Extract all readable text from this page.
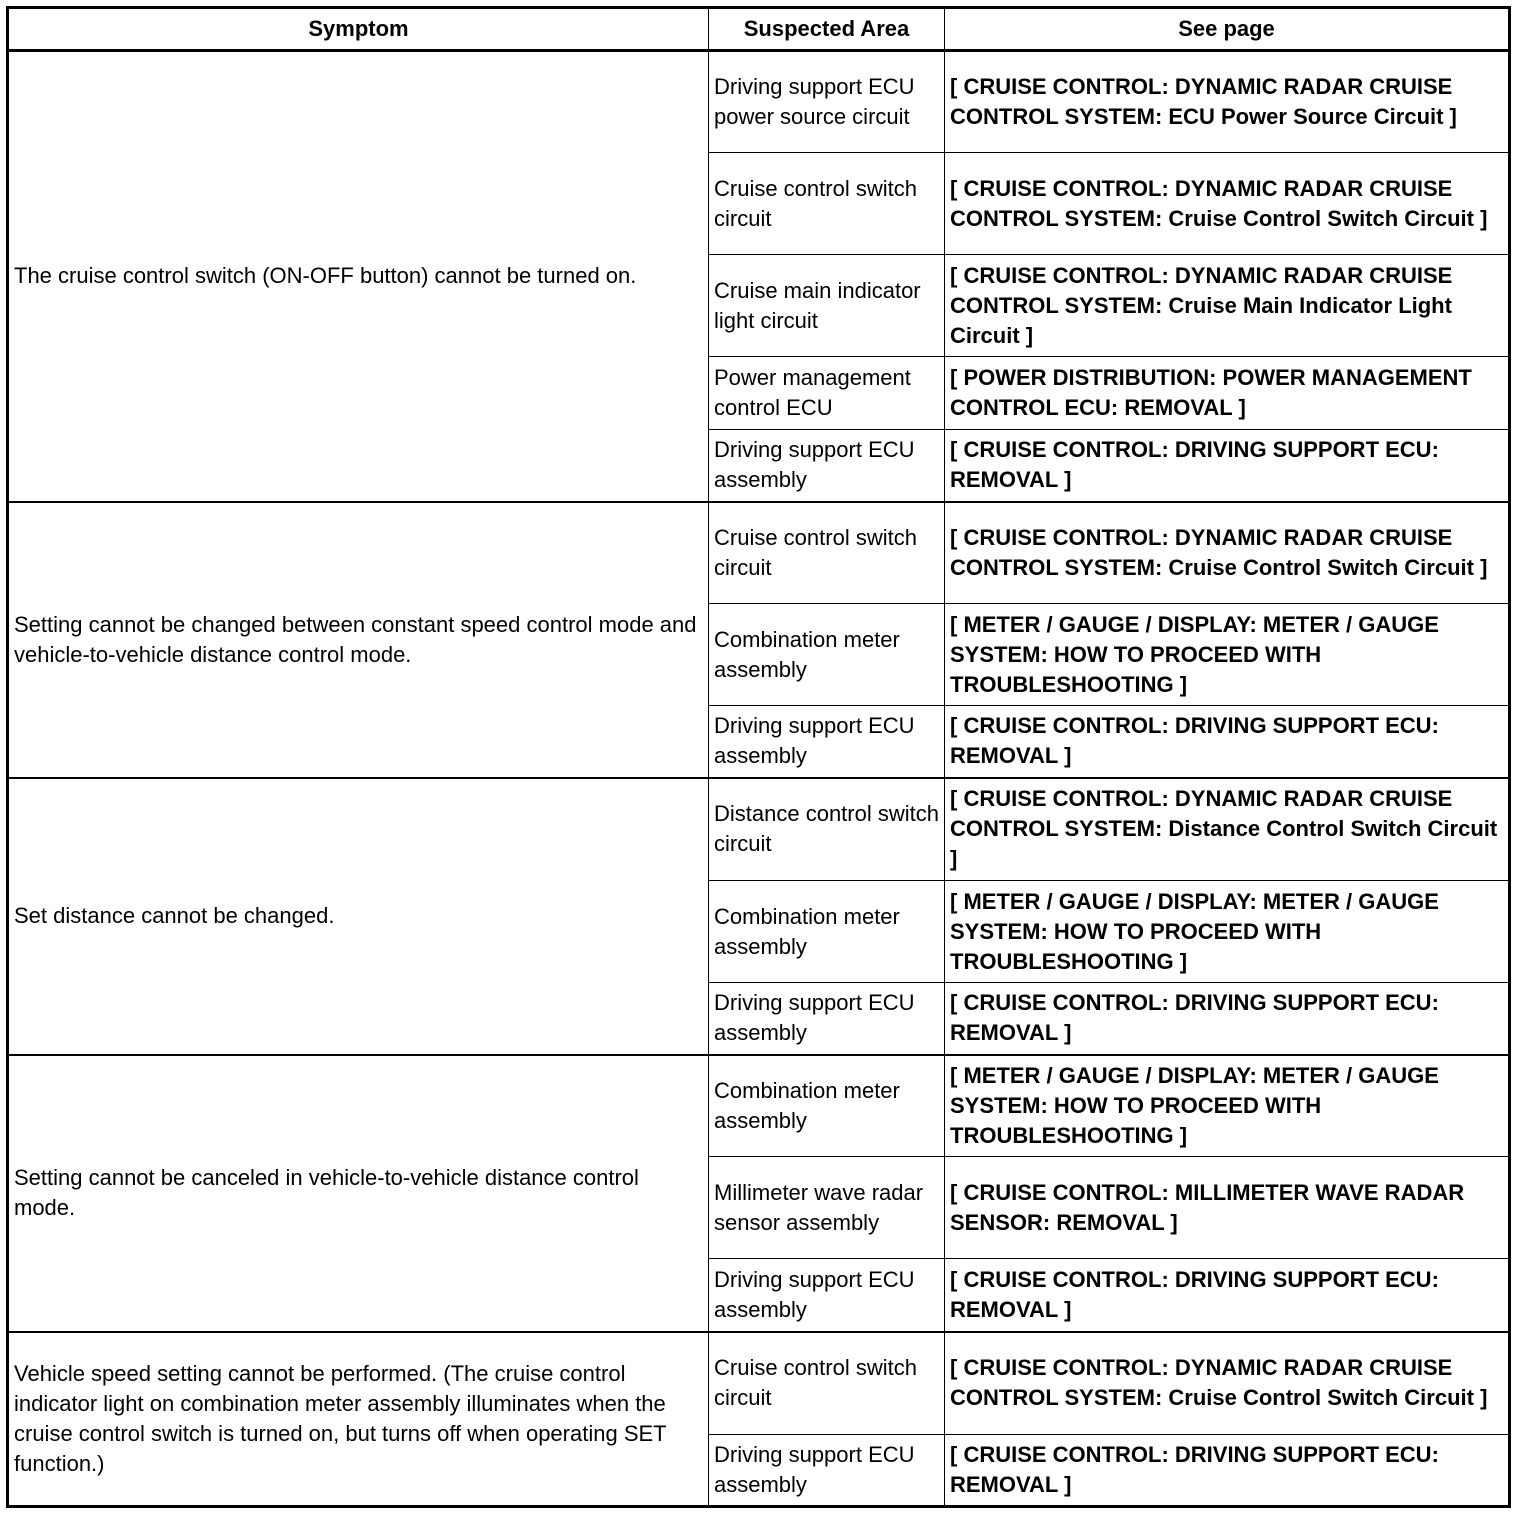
Symptom	Suspected Area	See page
The cruise control switch (ON-OFF button) cannot be turned on.	Driving support ECU power source circuit	[ CRUISE CONTROL: DYNAMIC RADAR CRUISE CONTROL SYSTEM: ECU Power Source Circuit ]
	Cruise control switch circuit	[ CRUISE CONTROL: DYNAMIC RADAR CRUISE CONTROL SYSTEM: Cruise Control Switch Circuit ]
	Cruise main indicator light circuit	[ CRUISE CONTROL: DYNAMIC RADAR CRUISE CONTROL SYSTEM: Cruise Main Indicator Light Circuit ]
	Power management control ECU	[ POWER DISTRIBUTION: POWER MANAGEMENT CONTROL ECU: REMOVAL ]
	Driving support ECU assembly	[ CRUISE CONTROL: DRIVING SUPPORT ECU: REMOVAL ]
Setting cannot be changed between constant speed control mode and vehicle-to-vehicle distance control mode.	Cruise control switch circuit	[ CRUISE CONTROL: DYNAMIC RADAR CRUISE CONTROL SYSTEM: Cruise Control Switch Circuit ]
	Combination meter assembly	[ METER / GAUGE / DISPLAY: METER / GAUGE SYSTEM: HOW TO PROCEED WITH TROUBLESHOOTING ]
	Driving support ECU assembly	[ CRUISE CONTROL: DRIVING SUPPORT ECU: REMOVAL ]
Set distance cannot be changed.	Distance control switch circuit	[ CRUISE CONTROL: DYNAMIC RADAR CRUISE CONTROL SYSTEM: Distance Control Switch Circuit ]
	Combination meter assembly	[ METER / GAUGE / DISPLAY: METER / GAUGE SYSTEM: HOW TO PROCEED WITH TROUBLESHOOTING ]
	Driving support ECU assembly	[ CRUISE CONTROL: DRIVING SUPPORT ECU: REMOVAL ]
Setting cannot be canceled in vehicle-to-vehicle distance control mode.	Combination meter assembly	[ METER / GAUGE / DISPLAY: METER / GAUGE SYSTEM: HOW TO PROCEED WITH TROUBLESHOOTING ]
	Millimeter wave radar sensor assembly	[ CRUISE CONTROL: MILLIMETER WAVE RADAR SENSOR: REMOVAL ]
	Driving support ECU assembly	[ CRUISE CONTROL: DRIVING SUPPORT ECU: REMOVAL ]
Vehicle speed setting cannot be performed. (The cruise control indicator light on combination meter assembly illuminates when the cruise control switch is turned on, but turns off when operating SET function.)	Cruise control switch circuit	[ CRUISE CONTROL: DYNAMIC RADAR CRUISE CONTROL SYSTEM: Cruise Control Switch Circuit ]
	Driving support ECU assembly	[ CRUISE CONTROL: DRIVING SUPPORT ECU: REMOVAL ]
